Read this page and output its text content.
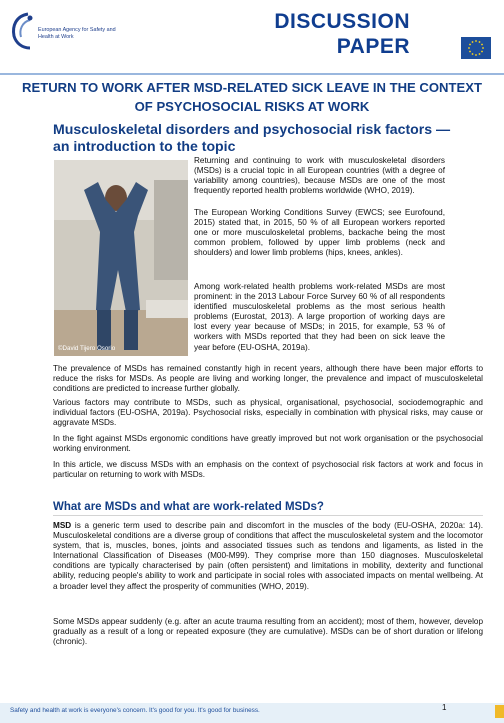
European Agency for Safety and Health at Work
DISCUSSION
PAPER
RETURN TO WORK AFTER MSD-RELATED SICK LEAVE IN THE CONTEXT OF PSYCHOSOCIAL RISKS AT WORK
Musculoskeletal disorders and psychosocial risk factors — an introduction to the topic
©David Tijero Osorio
Returning and continuing to work with musculoskeletal disorders (MSDs) is a crucial topic in all European countries (with a degree of variability among countries), because MSDs are one of the most frequently reported health problems worldwide (WHO, 2019).
The European Working Conditions Survey (EWCS; see Eurofound, 2015) stated that, in 2015, 50 % of all European workers reported one or more musculoskeletal problems, backache being the most common problem, followed by upper limb problems (neck and shoulders) and lower limb problems (hips, knees, ankles).
Among work-related health problems work-related MSDs are most prominent: in the 2013 Labour Force Survey 60 % of all respondents identified musculoskeletal problems as the most serious health problems (Eurostat, 2013). A large proportion of working days are lost every year because of MSDs; in 2015, for example, 53 % of workers with MSDs reported that they had been on sick leave the year before (EU-OSHA, 2019a).
The prevalence of MSDs has remained constantly high in recent years, although there have been major efforts to reduce the risks for MSDs. As people are living and working longer, the prevalence and impact of musculoskeletal conditions are predicted to increase further globally.
Various factors may contribute to MSDs, such as physical, organisational, psychosocial, sociodemographic and individual factors (EU-OSHA, 2019a). Psychosocial risks, especially in combination with physical risks, may cause or aggravate MSDs.
In the fight against MSDs ergonomic conditions have greatly improved but not work organisation or the psychosocial working environment.
In this article, we discuss MSDs with an emphasis on the context of psychosocial risk factors at work and focus in particular on returning to work with MSDs.
What are MSDs and what are work-related MSDs?
MSD is a generic term used to describe pain and discomfort in the muscles of the body (EU-OSHA, 2020a: 14). Musculoskeletal conditions are a diverse group of conditions that affect the musculoskeletal system and the locomotor system, that is, muscles, bones, joints and associated tissues such as tendons and ligaments, as listed in the International Classification of Diseases (M00-M99). They comprise more than 150 diagnoses. Musculoskeletal conditions are typically characterised by pain (often persistent) and limitations in mobility, dexterity and functional ability, reducing people's ability to work and participate in social roles with associated impacts on mental wellbeing. At a broader level they affect the prosperity of communities (WHO, 2019).
Some MSDs appear suddenly (e.g. after an acute trauma resulting from an accident); most of them, however, develop gradually as a result of a long or repeated exposure (they are cumulative). MSDs can be of short duration or lifelong (chronic).
Safety and health at work is everyone's concern. It's good for you. It's good for business.	1
